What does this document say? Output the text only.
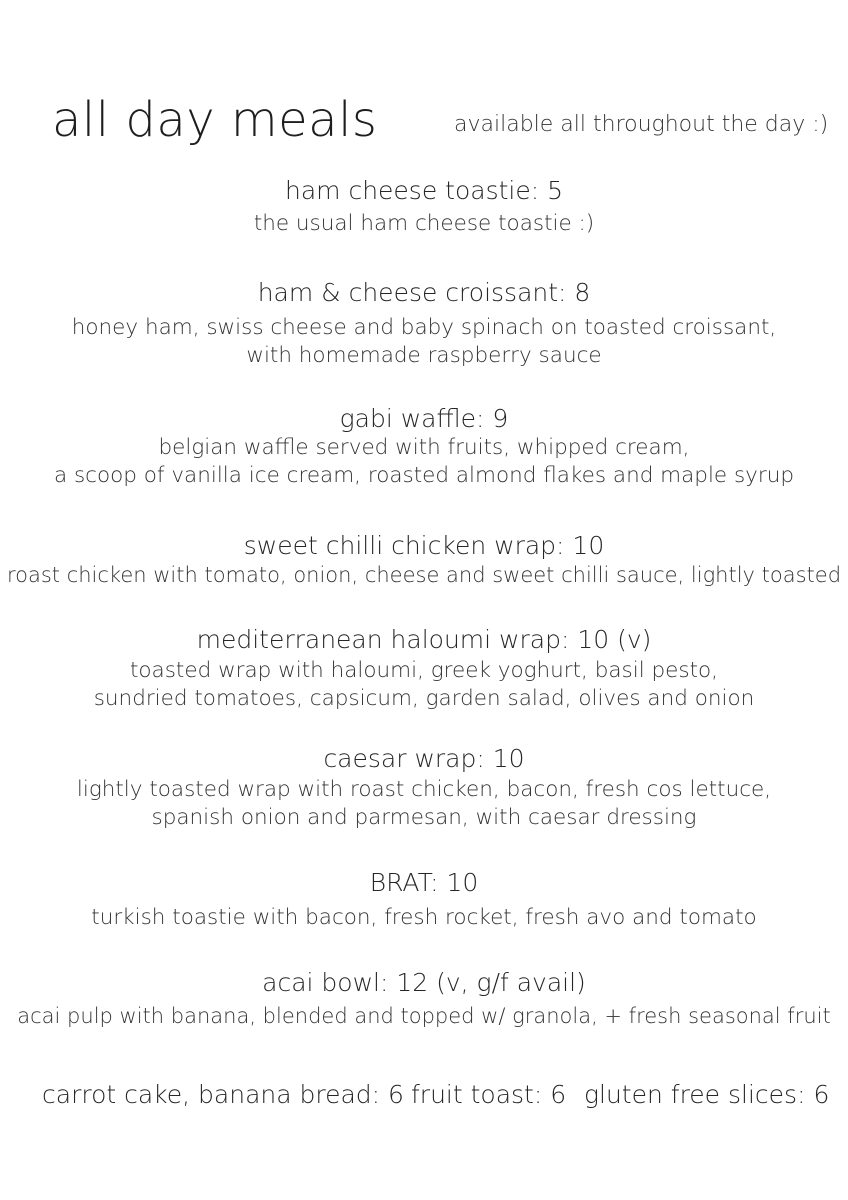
all day meals	available all throughout the day :)
ham cheese toastie: 5
the usual ham cheese toastie :)
ham & cheese croissant: 8
honey ham, swiss cheese and baby spinach on toasted croissant,
with homemade raspberry sauce
gabi waffle: 9
belgian waffle served with fruits, whipped cream,
a scoop of vanilla ice cream, roasted almond flakes and maple syrup
sweet chilli chicken wrap: 10
roast chicken with tomato, onion, cheese and sweet chilli sauce, lightly toasted
mediterranean haloumi wrap: 10 (v)
toasted wrap with haloumi, greek yoghurt, basil pesto,
sundried tomatoes, capsicum, garden salad, olives and onion
caesar wrap: 10
lightly toasted wrap with roast chicken, bacon, fresh cos lettuce,
spanish onion and parmesan, with caesar dressing
BRAT: 10
turkish toastie with bacon, fresh rocket, fresh avo and tomato
acai bowl: 12 (v, g/f avail)
acai pulp with banana, blended and topped w/ granola, + fresh seasonal fruit
carrot cake, banana bread: 6 fruit toast: 6 gluten free slices: 6
